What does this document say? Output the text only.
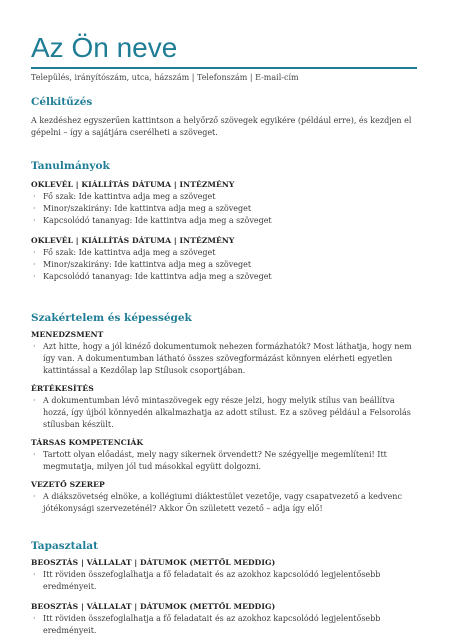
Az Ön neve
Település, irányítószám, utca, házszám | Telefonszám | E-mail-cím
Célkitűzés

A kezdéshez egyszerűen kattintson a helyőrző szövegek egyikére (például erre), és kezdjen el gépelni – így a sajátjára cserélheti a szöveget.

Tanulmányok
OKLEVÉL | KIÁLLÍTÁS DÁTUMA | INTÉZMÉNY
· Fő szak: Ide kattintva adja meg a szöveget
· Minor/szakirány: Ide kattintva adja meg a szöveget
· Kapcsolódó tananyag: Ide kattintva adja meg a szöveget
OKLEVÉL | KIÁLLÍTÁS DÁTUMA | INTÉZMÉNY
· Fő szak: Ide kattintva adja meg a szöveget
· Minor/szakirány: Ide kattintva adja meg a szöveget
· Kapcsolódó tananyag: Ide kattintva adja meg a szöveget
Szakértelem és képességek
MENEDZSMENT
· Azt hitte, hogy a jól kinéző dokumentumok nehezen formázhatók? Most láthatja, hogy nem így van. A dokumentumban látható összes szövegformázást könnyen elérheti egyetlen kattintással a Kezdőlap lap Stílusok csoportjában.
ÉRTÉKESÍTÉS
· A dokumentumban lévő mintaszövegek egy része jelzi, hogy melyik stílus van beállítva hozzá, így újból könnyedén alkalmazhatja az adott stílust. Ez a szöveg például a Felsorolás stílusban készült.
TÁRSAS KOMPETENCIÁK
· Tartott olyan előadást, mely nagy sikernek örvendett? Ne szégyellje megemlíteni! Itt megmutatja, milyen jól tud másokkal együtt dolgozni.
VEZETŐ SZEREP
· A diákszövetség elnöke, a kollégiumi diáktestület vezetője, vagy csapatvezető a kedvenc jótékonysági szervezeténél? Akkor Ön született vezető – adja így elő!
Tapasztalat
BEOSZTÁS | VÁLLALAT | DÁTUMOK (METTŐL MEDDIG)
· Itt röviden összefoglalhatja a fő feladatait és az azokhoz kapcsolódó legjelentősebb eredményeit.
BEOSZTÁS | VÁLLALAT | DÁTUMOK (METTŐL MEDDIG)
· Itt röviden összefoglalhatja a fő feladatait és az azokhoz kapcsolódó legjelentősebb eredményeit.
